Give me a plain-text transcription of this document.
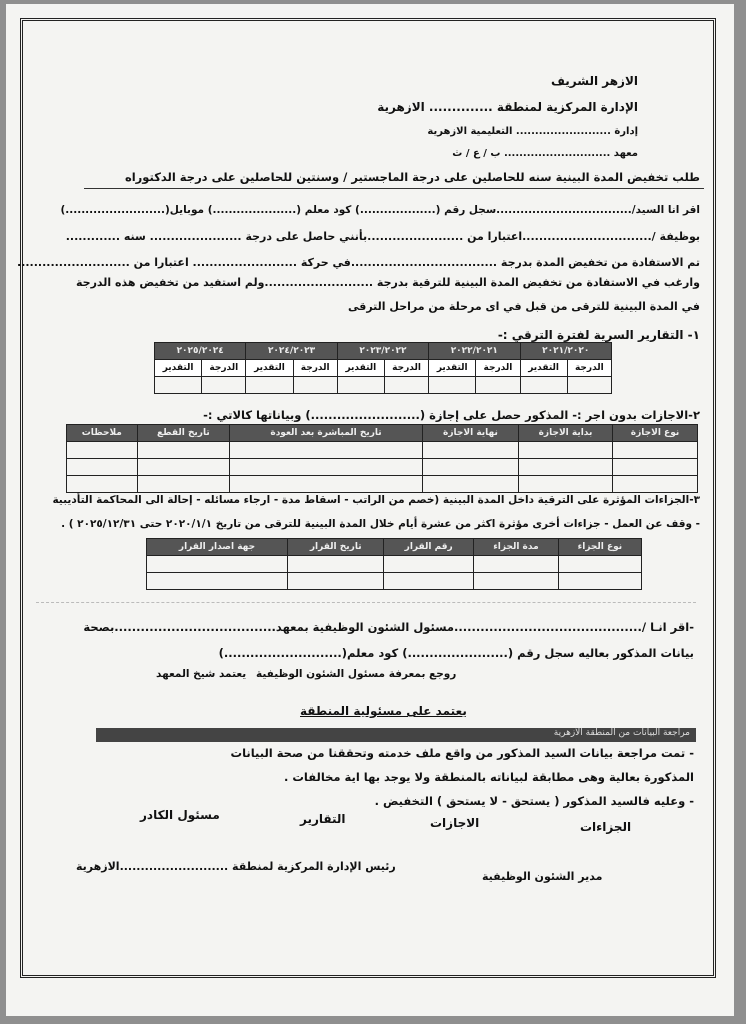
الازهر الشريف
الإدارة المركزية لمنطقة .............. الازهرية
إدارة ......................... التعليمية الازهرية
معهد ............................ ب / ع / ث
طلب تخفيض المدة البينية سنه للحاصلين على درجة الماجستير / وسنتين للحاصلين على درجة الدكتوراه
اقر انا السيد/..................................سجل رقم (...................) كود معلم (.....................) موبايل(.........................)
بوظيفة /...............................اعتبارا من .......................بأنني حاصل على درجة ...................... سنه .............
تم الاستفادة من تخفيض المدة بدرجة ...................................في حركة ......................... اعتبارا من ...........................
وارغب في الاستفادة من تخفيض المدة البينية للترقية بدرجة ..........................ولم استفيد من تخفيض هذه الدرجة
في المدة البينية للترقى من قبل في اى مرحلة من مراحل الترقى
١- التقارير السرية لفترة الترقي :-
٢٠٢٥/٢٠٢٤		٢٠٢٤/٢٠٢٣		٢٠٢٣/٢٠٢٢		٢٠٢٢/٢٠٢١		٢٠٢١/٢٠٢٠	
التقدير	الدرجة	التقدير	الدرجة	التقدير	الدرجة	التقدير	الدرجة	التقدير	الدرجة

٢-الاجازات بدون اجر :- المذكور حصل على إجازة (.........................) وبياناتها كالاتي :-
نوع الاجازة	بداية الاجازة	نهاية الاجازة	تاريخ المباشرة بعد العودة	تاريخ القطع	ملاحظات

٣-الجزاءات المؤثرة على الترقية داخل المدة البينية (خصم من الراتب - اسقاط مدة - ارجاء مسائله - إحالة الى المحاكمة التأديبية
- وقف عن العمل - جزاءات أخرى مؤثرة اكثر من عشرة أيام خلال المدة البينية للترقى من تاريخ ٢٠٢٠/١/١ حتى ٢٠٢٥/١٢/٣١ ) .
نوع الجزاء	مدة الجزاء	رقم القرار	تاريخ القرار	جهة اصدار القرار

-اقر انـا /...........................................مسئول الشئون الوظيفية بمعهد.....................................بصحة
بيانات المذكور بعاليه سجل رقم (.......................) كود معلم(...........................)
روجع بمعرفة مسئول الشئون الوظيفية
يعتمد شيخ المعهد
يعتمد على مسئولية المنطقة
مراجعة البيانات من المنطقة الازهرية
- تمت مراجعة بيانات السيد المذكور من واقع ملف خدمته وتحققنا من صحة البيانات
المذكورة بعالية وهى مطابقة لبياناته بالمنطقة ولا يوجد بها اية مخالفات .
- وعليه فالسيد المذكور ( يستحق - لا يستحق ) التخفيض .
الجزاءات
الاجازات
التقارير
مسئول الكادر
مدير الشئون الوظيفية
رئيس الإدارة المركزية لمنطقة ..........................الازهرية
